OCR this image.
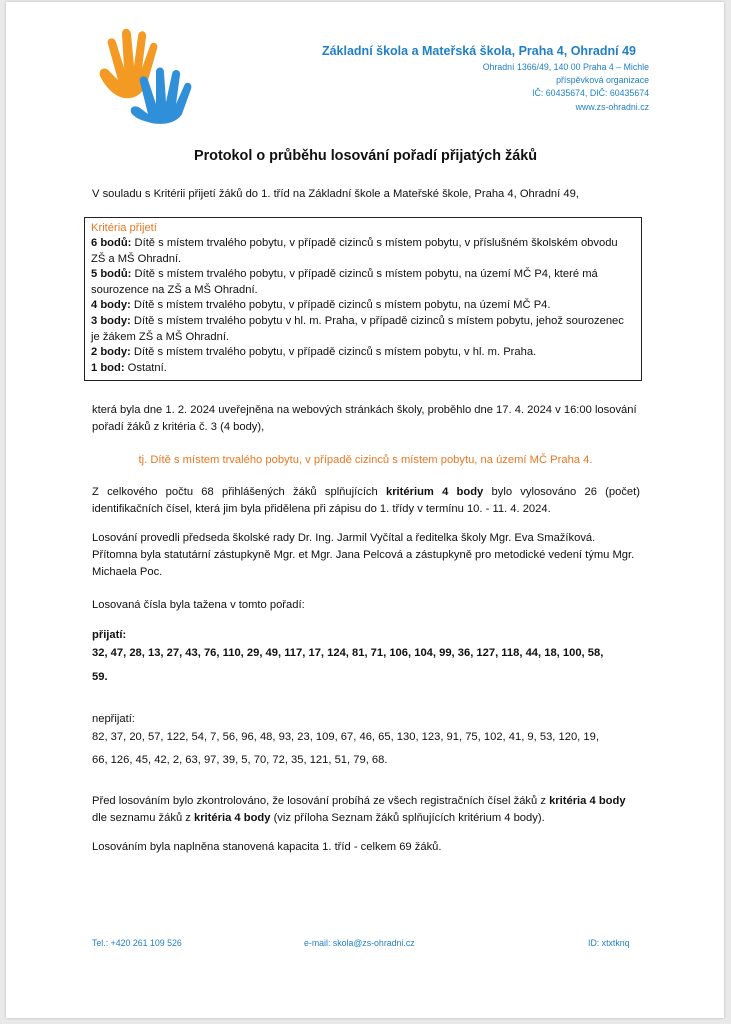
Základní škola a Mateřská škola, Praha 4, Ohradní 49
Ohradní 1366/49, 140 00 Praha 4 – Michle
příspěvková organizace
IČ: 60435674, DIČ: 60435674
www.zs-ohradni.cz
Protokol o průběhu losování pořadí přijatých žáků
V souladu s Kritérii přijetí žáků do 1. tříd na Základní škole a Mateřské škole, Praha 4, Ohradní 49,
Kritéria přijetí

6 bodů: Dítě s místem trvalého pobytu, v případě cizinců s místem pobytu, v příslušném školském obvodu ZŠ a MŠ Ohradní.

5 bodů: Dítě s místem trvalého pobytu, v případě cizinců s místem pobytu, na území MČ P4, které má sourozence na ZŠ a MŠ Ohradní.

4 body: Dítě s místem trvalého pobytu, v případě cizinců s místem pobytu, na území MČ P4.

3 body: Dítě s místem trvalého pobytu v hl. m. Praha, v případě cizinců s místem pobytu, jehož sourozenec je žákem ZŠ a MŠ Ohradní.

2 body: Dítě s místem trvalého pobytu, v případě cizinců s místem pobytu, v hl. m. Praha.

1 bod: Ostatní.

která byla dne 1. 2. 2024 uveřejněna na webových stránkách školy, proběhlo dne 17. 4. 2024 v 16:00 losování pořadí žáků z kritéria č. 3 (4 body),
tj. Dítě s místem trvalého pobytu, v případě cizinců s místem pobytu, na území MČ Praha 4.
Z celkového počtu 68 přihlášených žáků splňujících kritérium 4 body bylo vylosováno 26 (počet) identifikačních čísel, která jim byla přidělena při zápisu do 1. třídy v termínu 10. - 11. 4. 2024.
Losování provedli předseda školské rady Dr. Ing. Jarmil Vyčítal a ředitelka školy Mgr. Eva Smažíková. Přítomna byla statutární zástupkyně Mgr. et Mgr. Jana Pelcová a zástupkyně pro metodické vedení týmu Mgr. Michaela Poc.
Losovaná čísla byla tažena v tomto pořadí:
přijatí:
32, 47, 28, 13, 27, 43, 76, 110, 29, 49, 117, 17, 124, 81, 71, 106, 104, 99, 36, 127, 118, 44, 18, 100, 58,
59.
nepřijatí:
82, 37, 20, 57, 122, 54, 7, 56, 96, 48, 93, 23, 109, 67, 46, 65, 130, 123, 91, 75, 102, 41, 9, 53, 120, 19,
66, 126, 45, 42, 2, 63, 97, 39, 5, 70, 72, 35, 121, 51, 79, 68.
Před losováním bylo zkontrolováno, že losování probíhá ze všech registračních čísel žáků z kritéria 4 body dle seznamu žáků z kritéria 4 body (viz příloha Seznam žáků splňujících kritérium 4 body).
Losováním byla naplněna stanovená kapacita 1. tříd - celkem 69 žáků.
Tel.: +420 261 109 526	e-mail: skola@zs-ohradni.cz	ID: xtxtknq
